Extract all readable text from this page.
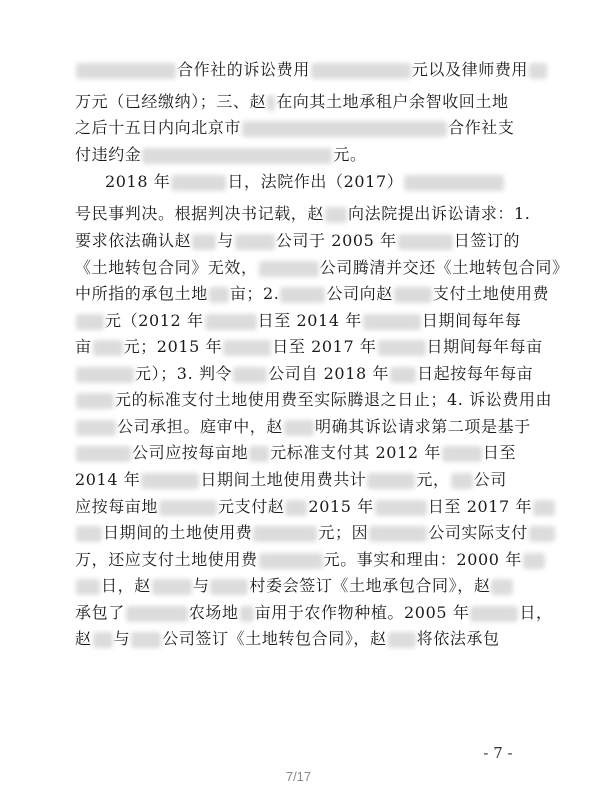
合作社的诉讼费用	元以及律师费用
万元（已经缴纳）；三、赵 在向其土地承租户余智收回土地
之后十五日内向北京市	合作社支
付违约金	元。
2018 年	日，法院作出（2017）
号民事判决。根据判决书记载，赵 向法院提出诉讼请求：1.
要求依法确认赵 与	公司于 2005 年	日签订的
《土地转包合同》无效，	公司腾清并交还《土地转包合同》
中所指的承包土地 亩；2.	公司向赵	支付土地使用费
元（2012 年	日至 2014 年	日期间每年每
亩 元；2015 年	日至 2017 年	日期间每年每亩
元）；3. 判令 公司自 2018 年 日起按每年每亩
元的标准支付土地使用费至实际腾退之日止；4. 诉讼费用由
公司承担。庭审中，赵 明确其诉讼请求第二项是基于
公司应按每亩地 元标准支付其 2012 年	日至
2014 年	日期间土地使用费共计	元， 公司
应按每亩地	元支付赵 2015 年	日至 2017 年
日期间的土地使用费	元；因	公司实际支付
万，还应支付土地使用费	元。事实和理由：2000 年
日，赵	与	村委会签订《土地承包合同》，赵
承包了	农场地 亩用于农作物种植。2005 年	日，
赵 与 公司签订《土地转包合同》，赵 将依法承包
- 7 -
7/17
